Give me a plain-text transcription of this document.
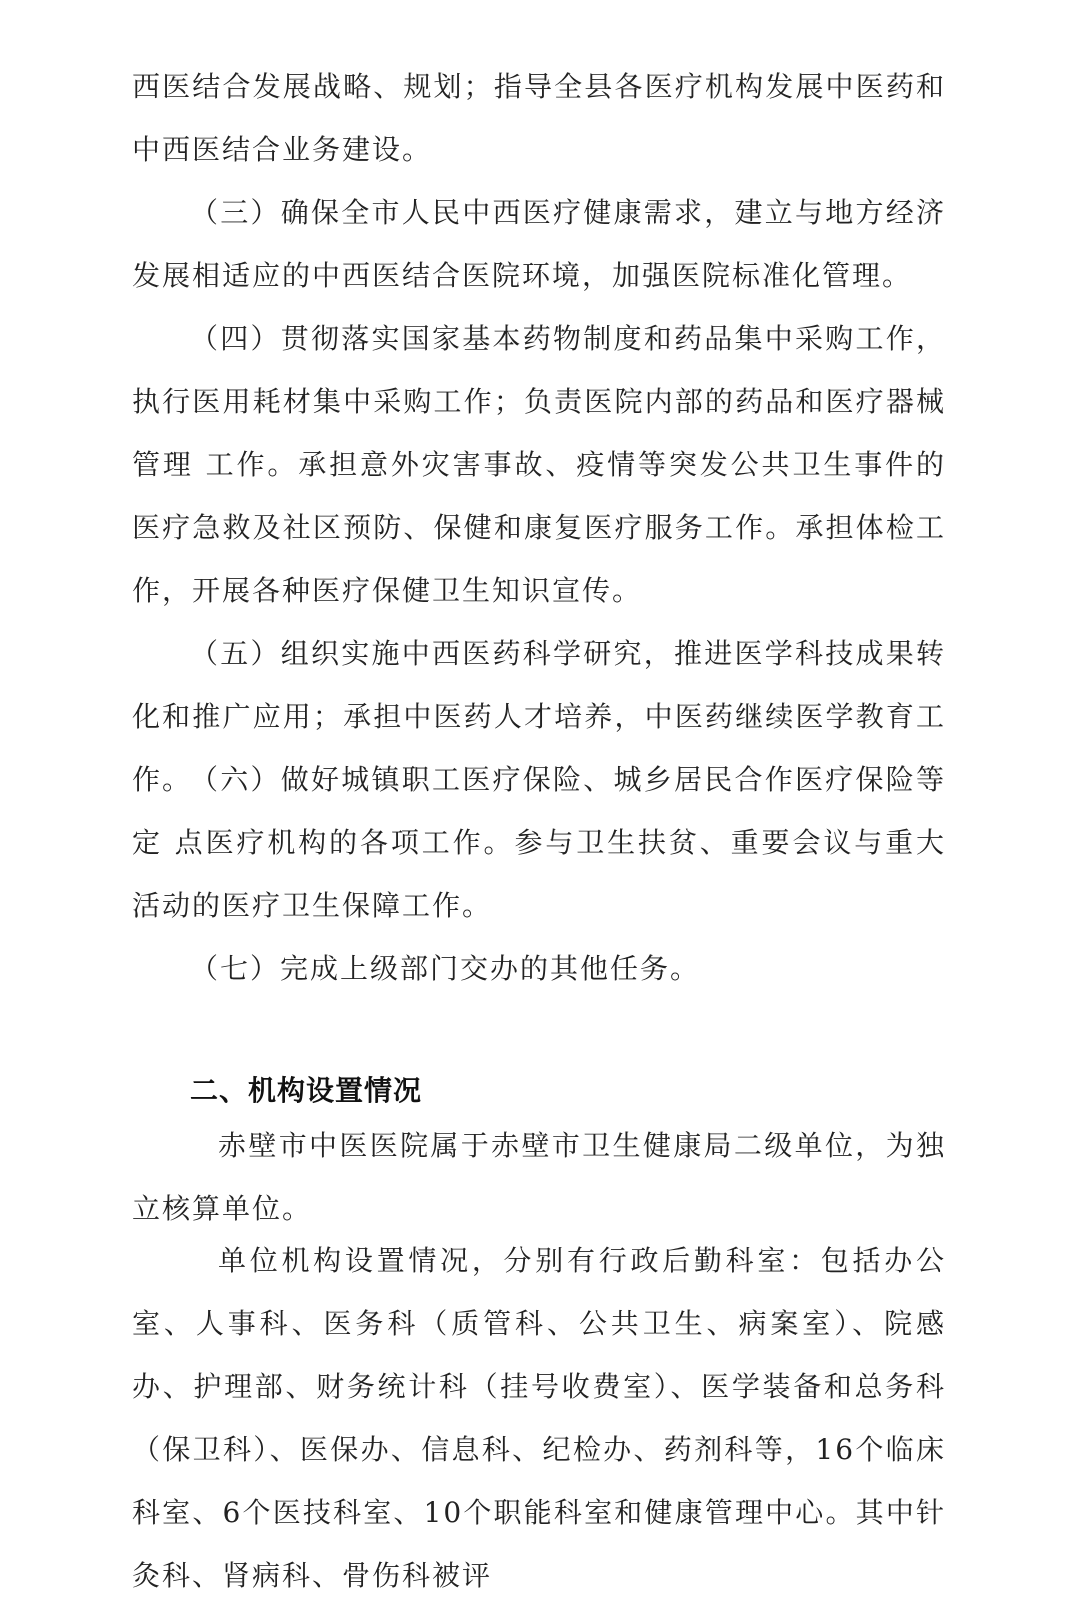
西医结合发展战略、规划；指导全县各医疗机构发展中医药和中西医结合业务建设。

（三）确保全市人民中西医疗健康需求，建立与地方经济发展相适应的中西医结合医院环境，加强医院标准化管理。

（四）贯彻落实国家基本药物制度和药品集中采购工作，执行医用耗材集中采购工作；负责医院内部的药品和医疗器械管理 工作。承担意外灾害事故、疫情等突发公共卫生事件的医疗急救及社区预防、保健和康复医疗服务工作。承担体检工作，开展各种医疗保健卫生知识宣传。

（五）组织实施中西医药科学研究，推进医学科技成果转化和推广应用；承担中医药人才培养，中医药继续医学教育工作。

（六）做好城镇职工医疗保险、城乡居民合作医疗保险等定 点医疗机构的各项工作。参与卫生扶贫、重要会议与重大活动的医疗卫生保障工作。

（七）完成上级部门交办的其他任务。

二、机构设置情况

赤壁市中医医院属于赤壁市卫生健康局二级单位，为独立核算单位。

单位机构设置情况，分别有行政后勤科室：包括办公室、人事科、医务科（质管科、公共卫生、病案室）、院感办、护理部、财务统计科（挂号收费室）、医学装备和总务科（保卫科）、医保办、信息科、纪检办、药剂科等，16个临床科室、6个医技科室、10个职能科室和健康管理中心。其中针灸科、肾病科、骨伤科被评
